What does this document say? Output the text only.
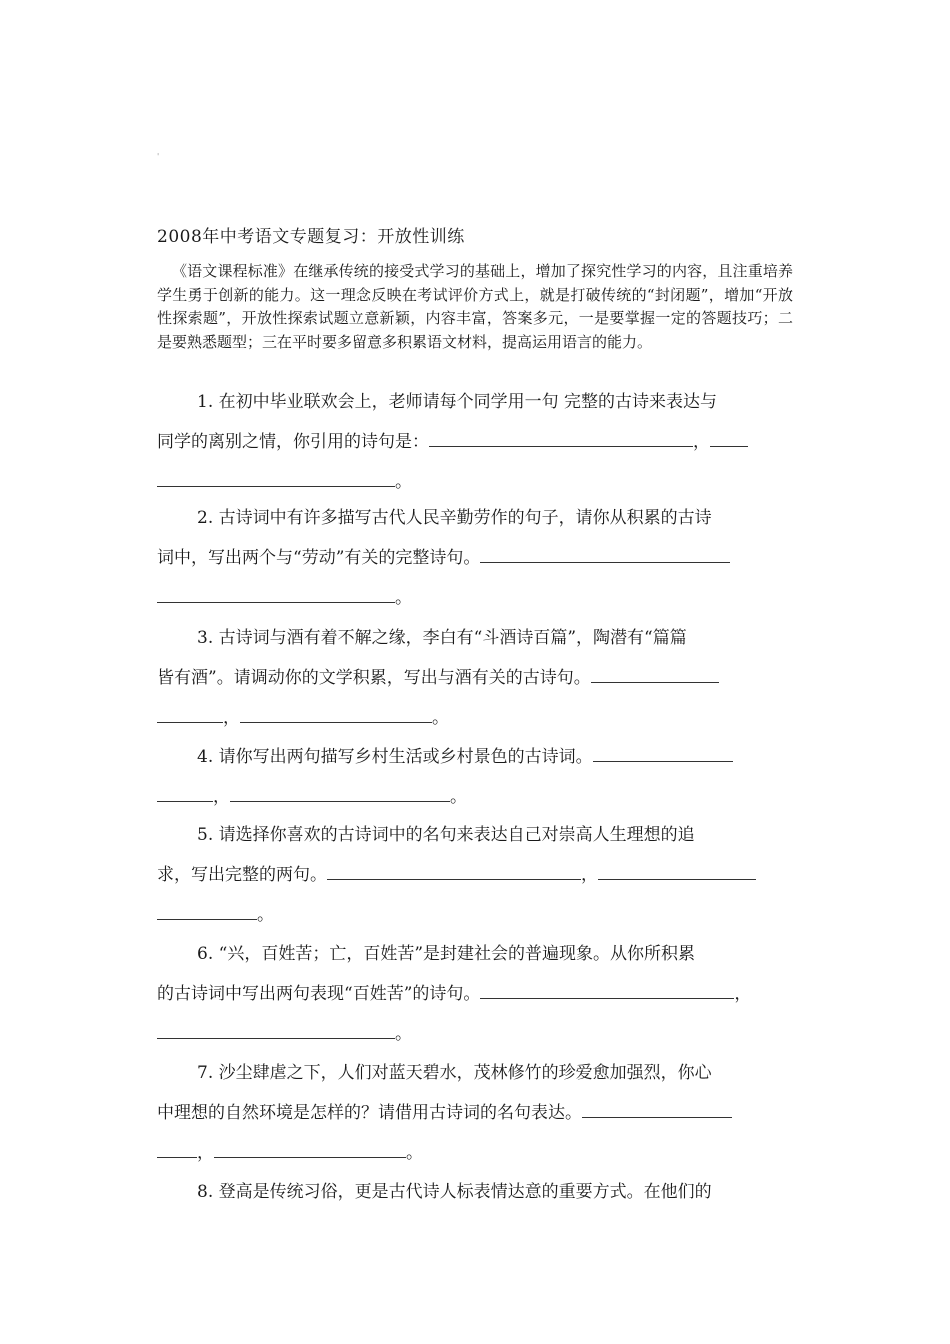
'
2008年中考语文专题复习：开放性训练

《语文课程标准》在继承传统的接受式学习的基础上，增加了探究性学习的内容，且注重培养学生勇于创新的能力。这一理念反映在考试评价方式上，就是打破传统的“封闭题”，增加“开放性探索题”，开放性探索试题立意新颖，内容丰富，答案多元，一是要掌握一定的答题技巧；二是要熟悉题型；三在平时要多留意多积累语文材料，提高运用语言的能力。

1. 在初中毕业联欢会上，老师请每个同学用一句 完整的古诗来表达与
同学的离别之情，你引用的诗句是：	，
。
2. 古诗词中有许多描写古代人民辛勤劳作的句子，请你从积累的古诗
词中，写出两个与“劳动”有关的完整诗句。
。
3. 古诗词与酒有着不解之缘，李白有“斗酒诗百篇”，陶潜有“篇篇
皆有酒”。请调动你的文学积累，写出与酒有关的古诗句。
，	。
4. 请你写出两句描写乡村生活或乡村景色的古诗词。
，	。
5. 请选择你喜欢的古诗词中的名句来表达自己对崇高人生理想的追
求，写出完整的两句。	，
。
6. “兴，百姓苦；亡，百姓苦”是封建社会的普遍现象。从你所积累
的古诗词中写出两句表现“百姓苦”的诗句。	，
。
7. 沙尘肆虐之下，人们对蓝天碧水，茂林修竹的珍爱愈加强烈，你心
中理想的自然环境是怎样的？请借用古诗词的名句表达。
，	。
8. 登高是传统习俗，更是古代诗人标表情达意的重要方式。在他们的
